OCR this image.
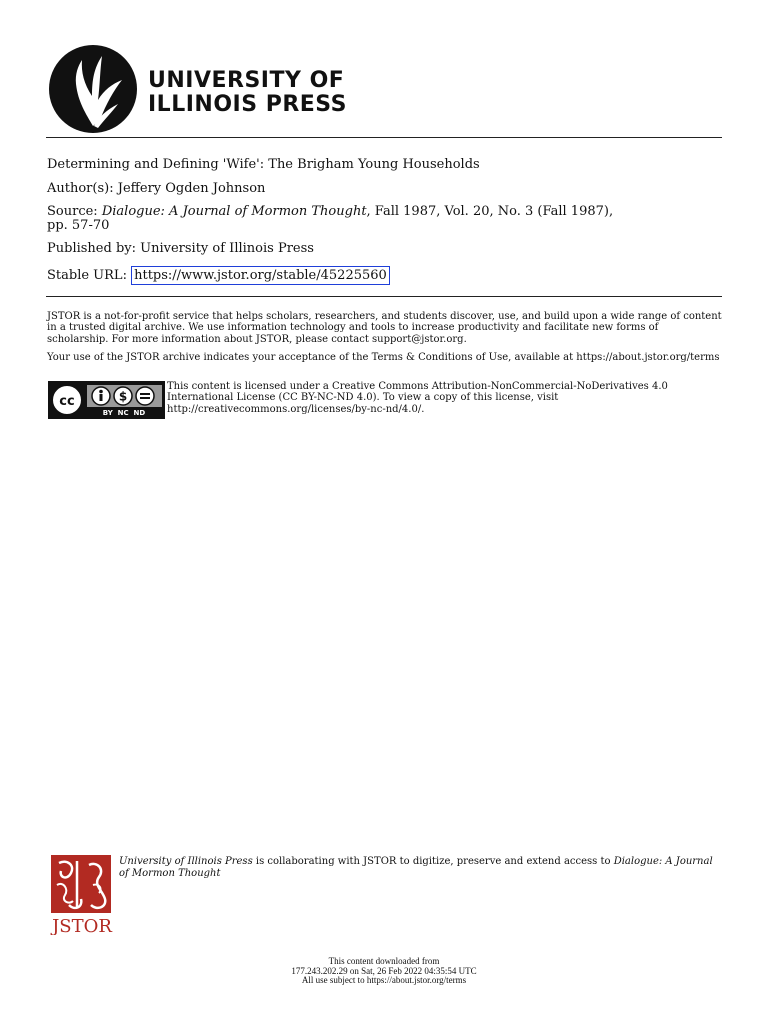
UNIVERSITY OF
ILLINOIS PRESS
Determining and Defining 'Wife': The Brigham Young Households
Author(s): Jeffery Ogden Johnson
Source: Dialogue: A Journal of Mormon Thought, Fall 1987, Vol. 20, No. 3 (Fall 1987),
pp. 57-70
Published by: University of Illinois Press
Stable URL: https://www.jstor.org/stable/45225560
JSTOR is a not-for-profit service that helps scholars, researchers, and students discover, use, and build upon a wide range of content in a trusted digital archive. We use information technology and tools to increase productivity and facilitate new forms of scholarship. For more information about JSTOR, please contact support@jstor.org.
Your use of the JSTOR archive indicates your acceptance of the Terms & Conditions of Use, available at https://about.jstor.org/terms
cc	$
BY  NC  ND
This content is licensed under a Creative Commons Attribution-NonCommercial-NoDerivatives 4.0 International License (CC BY-NC-ND 4.0). To view a copy of this license, visit http://creativecommons.org/licenses/by-nc-nd/4.0/.
JSTOR
University of Illinois Press is collaborating with JSTOR to digitize, preserve and extend access to Dialogue: A Journal of Mormon Thought
This content downloaded from
177.243.202.29 on Sat, 26 Feb 2022 04:35:54 UTC
All use subject to https://about.jstor.org/terms
